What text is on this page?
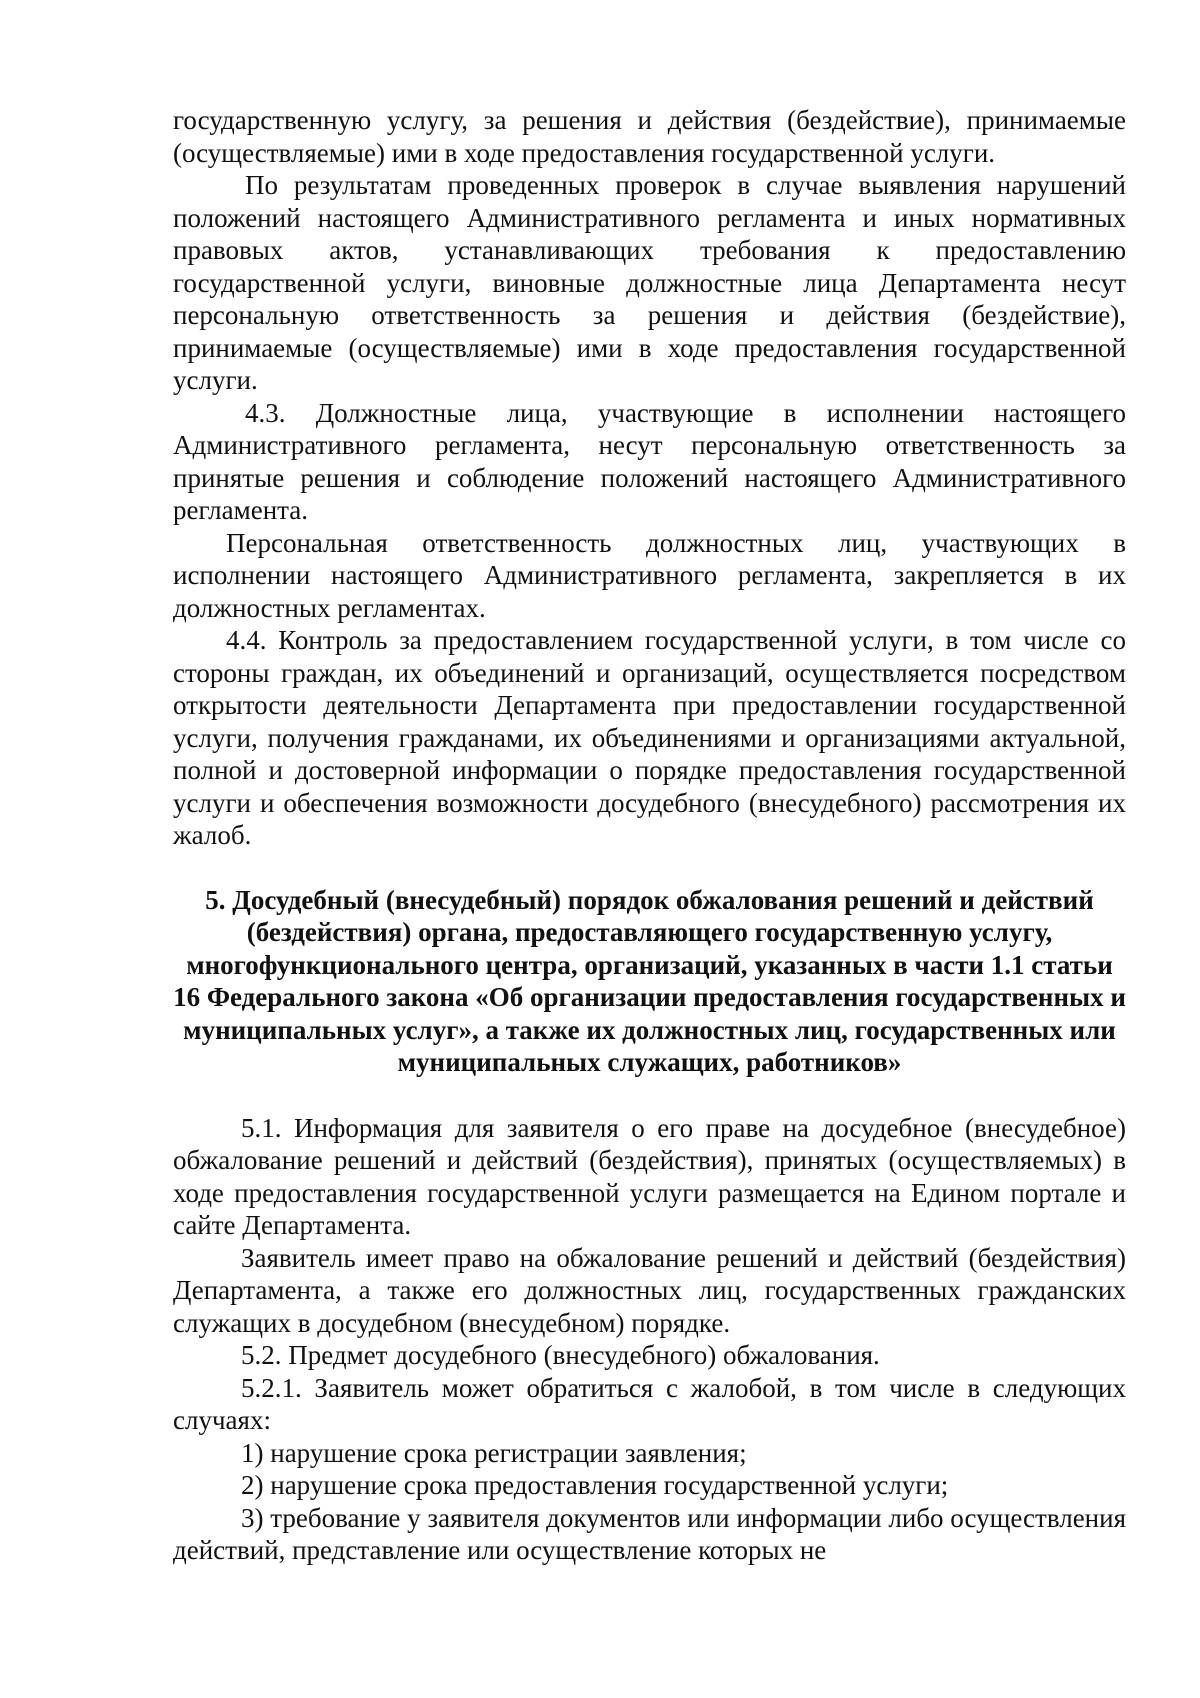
государственную услугу, за решения и действия (бездействие), принимаемые (осуществляемые) ими в ходе предоставления государственной услуги.

По результатам проведенных проверок в случае выявления нарушений положений настоящего Административного регламента и иных нормативных правовых актов, устанавливающих требования к предоставлению государственной услуги, виновные должностные лица Департамента несут персональную ответственность за решения и действия (бездействие), принимаемые (осуществляемые) ими в ходе предоставления государственной услуги.

4.3. Должностные лица, участвующие в исполнении настоящего Административного регламента, несут персональную ответственность за принятые решения и соблюдение положений настоящего Административного регламента.

Персональная ответственность должностных лиц, участвующих в исполнении настоящего Административного регламента, закрепляется в их должностных регламентах.

4.4. Контроль за предоставлением государственной услуги, в том числе со стороны граждан, их объединений и организаций, осуществляется посредством открытости деятельности Департамента при предоставлении государственной услуги, получения гражданами, их объединениями и организациями актуальной, полной и достоверной информации о порядке предоставления государственной услуги и обеспечения возможности досудебного (внесудебного) рассмотрения их жалоб.

5. Досудебный (внесудебный) порядок обжалования решений и действий (бездействия) органа, предоставляющего государственную услугу, многофункционального центра, организаций, указанных в части 1.1 статьи 16 Федерального закона «Об организации предоставления государственных и муниципальных услуг», а также их должностных лиц, государственных или муниципальных служащих, работников»

5.1. Информация для заявителя о его праве на досудебное (внесудебное) обжалование решений и действий (бездействия), принятых (осуществляемых) в ходе предоставления государственной услуги размещается на Едином портале и сайте Департамента.

Заявитель имеет право на обжалование решений и действий (бездействия) Департамента, а также его должностных лиц, государственных гражданских служащих в досудебном (внесудебном) порядке.

5.2. Предмет досудебного (внесудебного) обжалования.

5.2.1. Заявитель может обратиться с жалобой, в том числе в следующих случаях:

1) нарушение срока регистрации заявления;

2) нарушение срока предоставления государственной услуги;

3) требование у заявителя документов или информации либо осуществления действий, представление или осуществление которых не
